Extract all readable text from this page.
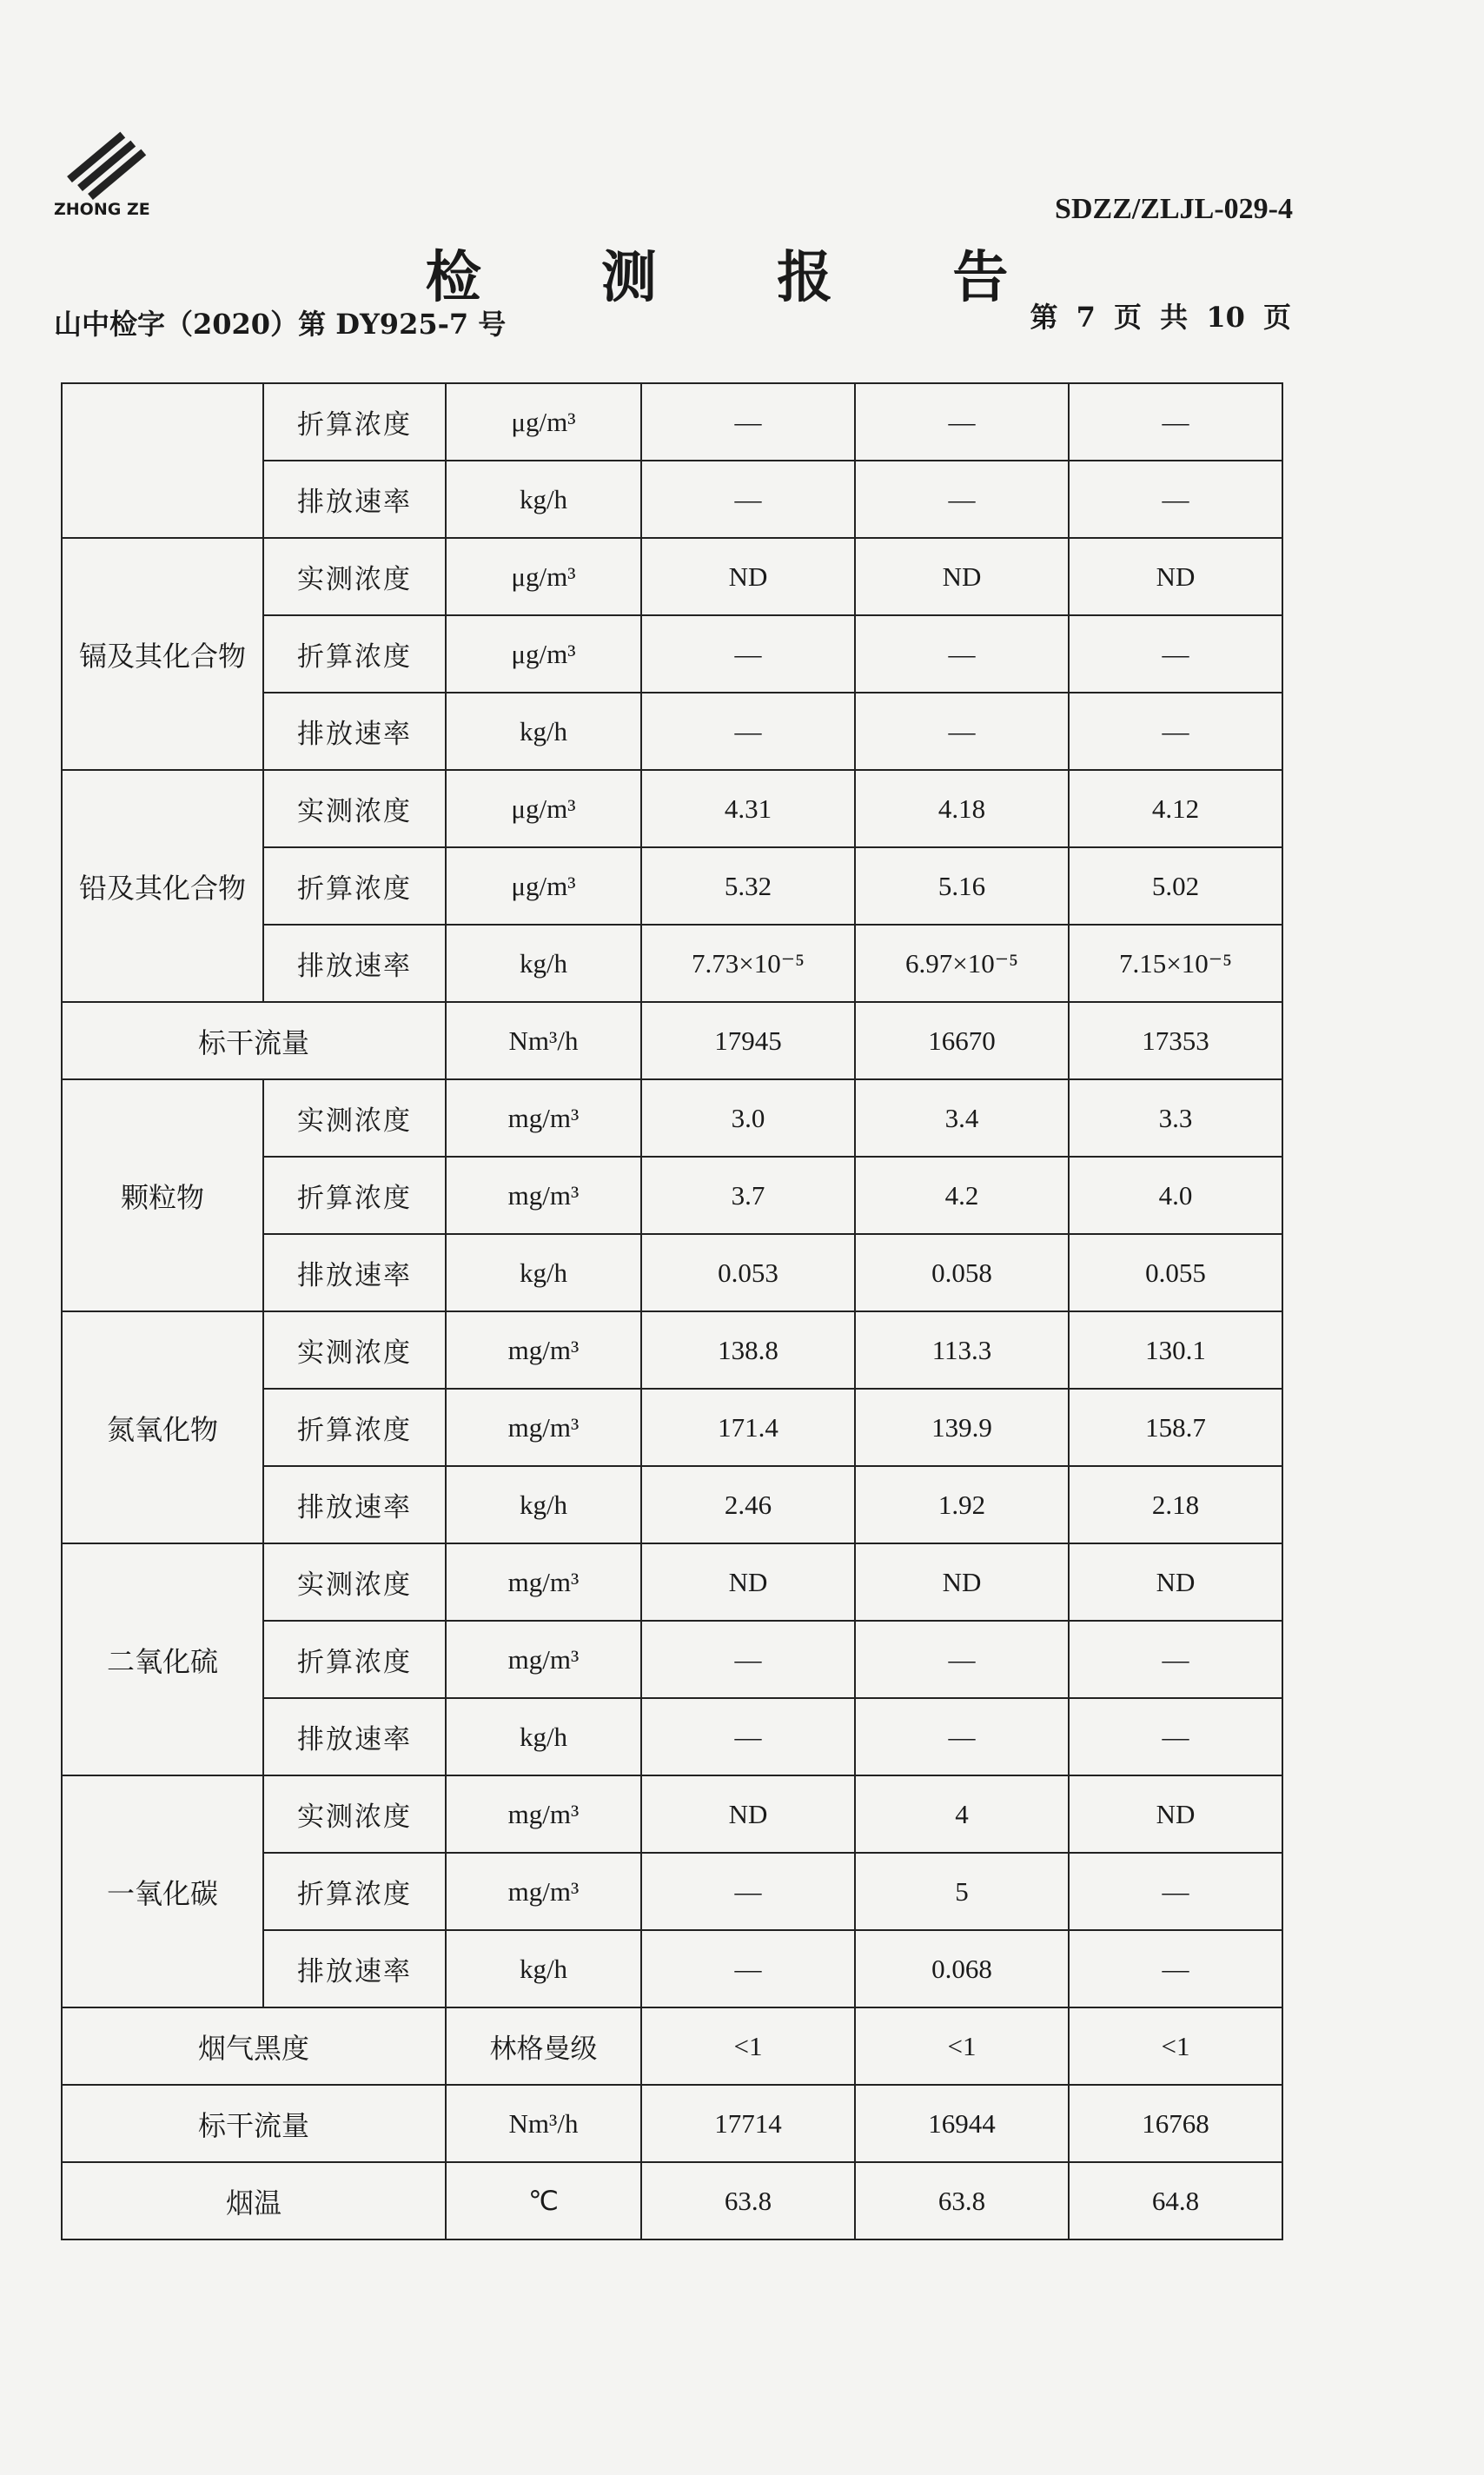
ZHONG ZE	SDZZ/ZLJL-029-4
检 测 报 告
山中检字（2020）第 DY925-7 号	第 7 页 共 10 页
	折算浓度	μg/m³	—	—	—
	排放速率	kg/h	—	—	—
镉及其化合物	实测浓度	μg/m³	ND	ND	ND
	折算浓度	μg/m³	—	—	—
	排放速率	kg/h	—	—	—
铅及其化合物	实测浓度	μg/m³	4.31	4.18	4.12
	折算浓度	μg/m³	5.32	5.16	5.02
	排放速率	kg/h	7.73×10⁻⁵	6.97×10⁻⁵	7.15×10⁻⁵
标干流量		Nm³/h	17945	16670	17353
颗粒物	实测浓度	mg/m³	3.0	3.4	3.3
	折算浓度	mg/m³	3.7	4.2	4.0
	排放速率	kg/h	0.053	0.058	0.055
氮氧化物	实测浓度	mg/m³	138.8	113.3	130.1
	折算浓度	mg/m³	171.4	139.9	158.7
	排放速率	kg/h	2.46	1.92	2.18
二氧化硫	实测浓度	mg/m³	ND	ND	ND
	折算浓度	mg/m³	—	—	—
	排放速率	kg/h	—	—	—
一氧化碳	实测浓度	mg/m³	ND	4	ND
	折算浓度	mg/m³	—	5	—
	排放速率	kg/h	—	0.068	—
烟气黑度		林格曼级	<1	<1	<1
标干流量		Nm³/h	17714	16944	16768
烟温		℃	63.8	63.8	64.8
